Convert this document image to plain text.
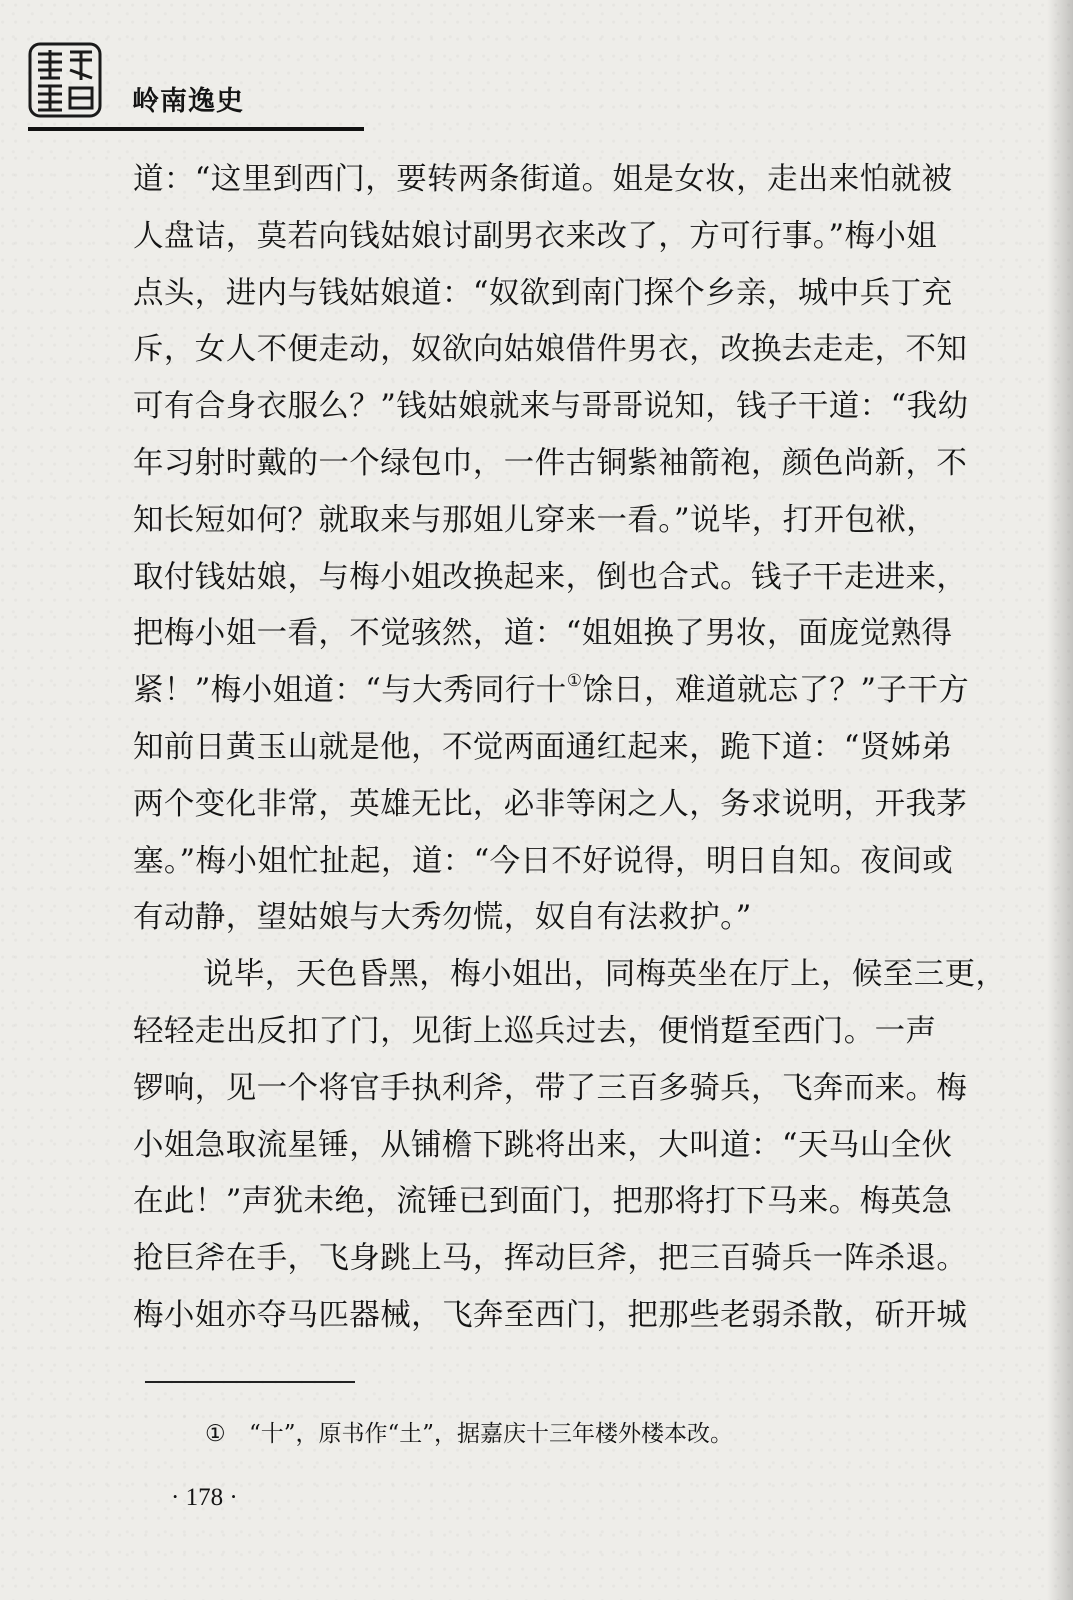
岭南逸史

道：“这里到西门，要转两条街道。姐是女妆，走出来怕就被
人盘诘，莫若向钱姑娘讨副男衣来改了，方可行事。”梅小姐
点头，进内与钱姑娘道：“奴欲到南门探个乡亲，城中兵丁充
斥，女人不便走动，奴欲向姑娘借件男衣，改换去走走，不知
可有合身衣服么？”钱姑娘就来与哥哥说知，钱子干道：“我幼
年习射时戴的一个绿包巾，一件古铜紫袖箭袍，颜色尚新，不
知长短如何？就取来与那姐儿穿来一看。”说毕，打开包袱，
取付钱姑娘，与梅小姐改换起来，倒也合式。钱子干走进来，
把梅小姐一看，不觉骇然，道：“姐姐换了男妆，面庞觉熟得
紧！”梅小姐道：“与大秀同行十①馀日，难道就忘了？”子干方
知前日黄玉山就是他，不觉两面通红起来，跪下道：“贤姊弟
两个变化非常，英雄无比，必非等闲之人，务求说明，开我茅
塞。”梅小姐忙扯起，道：“今日不好说得，明日自知。夜间或
有动静，望姑娘与大秀勿慌，奴自有法救护。”

说毕，天色昏黑，梅小姐出，同梅英坐在厅上，候至三更，
轻轻走出反扣了门，见街上巡兵过去，便悄踅至西门。一声
锣响，见一个将官手执利斧，带了三百多骑兵，飞奔而来。梅
小姐急取流星锤，从铺檐下跳将出来，大叫道：“天马山全伙
在此！”声犹未绝，流锤已到面门，把那将打下马来。梅英急
抢巨斧在手，飞身跳上马，挥动巨斧，把三百骑兵一阵杀退。
梅小姐亦夺马匹器械，飞奔至西门，把那些老弱杀散，斫开城

① “十”，原书作“土”，据嘉庆十三年楼外楼本改。
· 178 ·
